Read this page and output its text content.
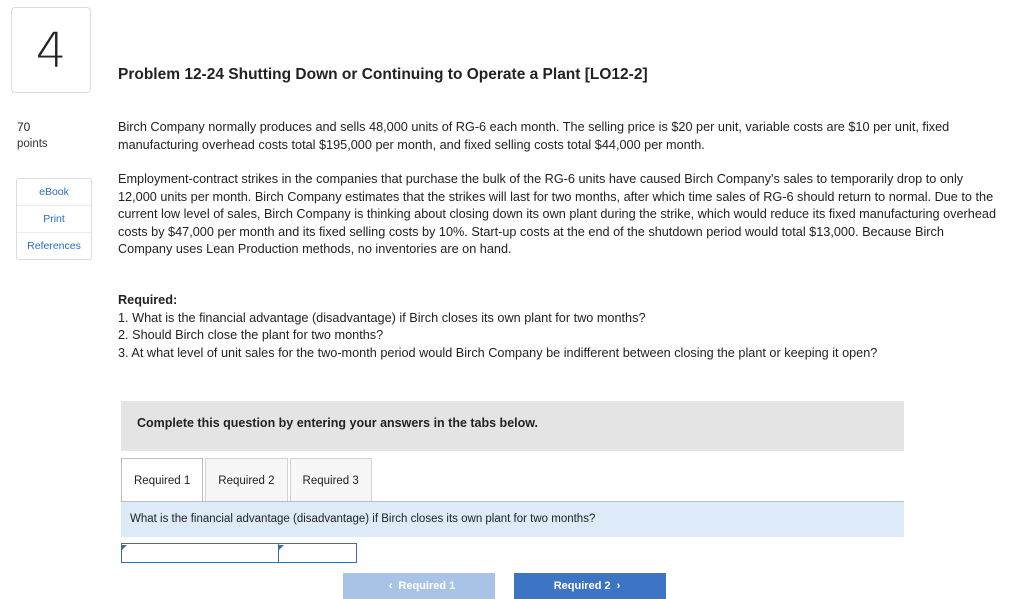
4
70
points
eBook
Print
References
Problem 12-24 Shutting Down or Continuing to Operate a Plant [LO12-2]

Birch Company normally produces and sells 48,000 units of RG-6 each month. The selling price is $20 per unit, variable costs are $10 per unit, fixed manufacturing overhead costs total $195,000 per month, and fixed selling costs total $44,000 per month.

Employment-contract strikes in the companies that purchase the bulk of the RG-6 units have caused Birch Company's sales to temporarily drop to only 12,000 units per month. Birch Company estimates that the strikes will last for two months, after which time sales of RG-6 should return to normal. Due to the current low level of sales, Birch Company is thinking about closing down its own plant during the strike, which would reduce its fixed manufacturing overhead costs by $47,000 per month and its fixed selling costs by 10%. Start-up costs at the end of the shutdown period would total $13,000. Because Birch Company uses Lean Production methods, no inventories are on hand.

Required:
1. What is the financial advantage (disadvantage) if Birch closes its own plant for two months?
2. Should Birch close the plant for two months?
3. At what level of unit sales for the two-month period would Birch Company be indifferent between closing the plant or keeping it open?
Complete this question by entering your answers in the tabs below.
Required 1	Required 2	Required 3
What is the financial advantage (disadvantage) if Birch closes its own plant for two months?
‹ Required 1	Required 2 ›
